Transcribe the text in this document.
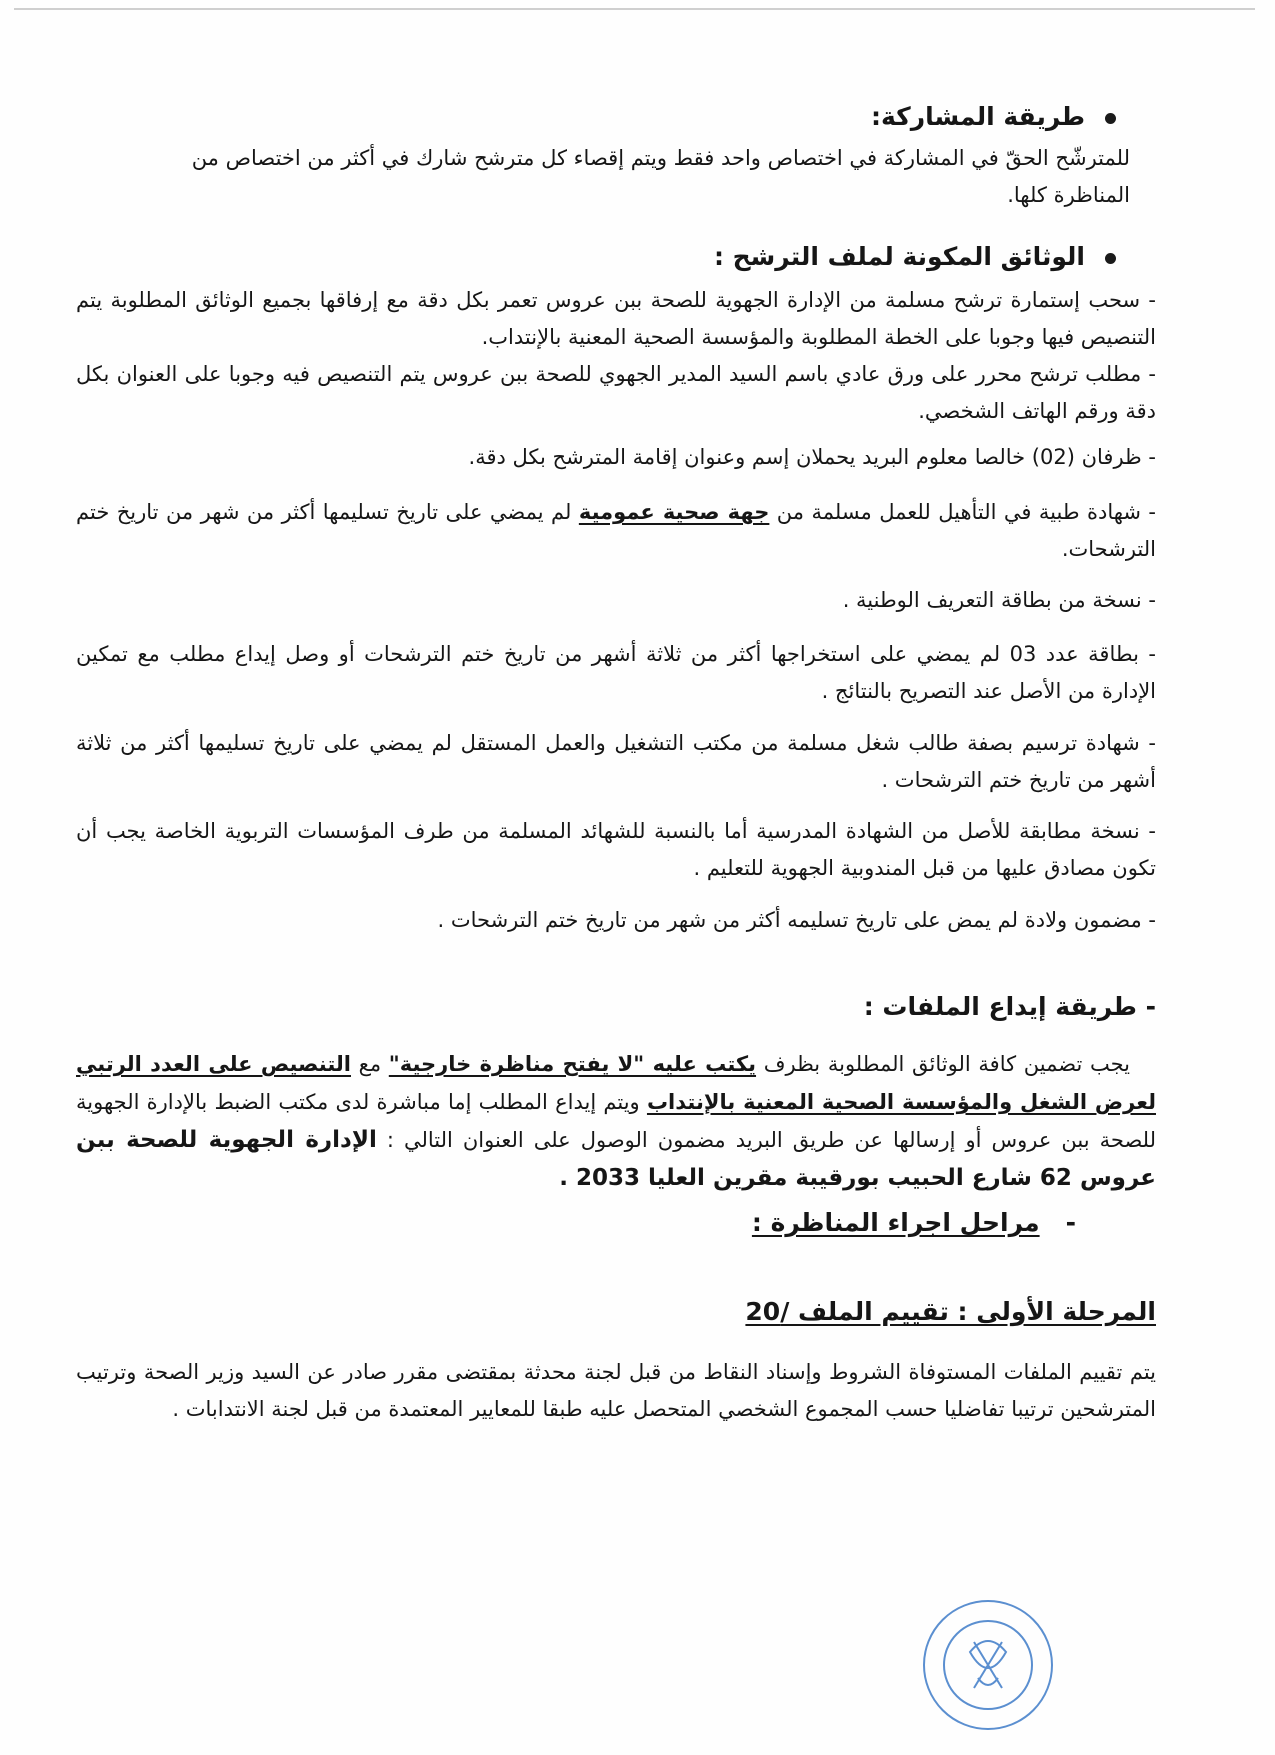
طريقة المشاركة:

للمترشّح الحقّ في المشاركة في اختصاص واحد فقط ويتم إقصاء كل مترشح شارك في أكثر من اختصاص من

المناظرة كلها.

الوثائق المكونة لملف الترشح :

- سحب إستمارة ترشح مسلمة من الإدارة الجهوية للصحة ببن عروس تعمر بكل دقة مع إرفاقها بجميع الوثائق المطلوبة يتم التنصيص فيها وجوبا على الخطة المطلوبة والمؤسسة الصحية المعنية بالإنتداب.
- مطلب ترشح محرر على ورق عادي باسم السيد المدير الجهوي للصحة ببن عروس يتم التنصيص فيه وجوبا على العنوان بكل دقة ورقم الهاتف الشخصي.
- ظرفان (02) خالصا معلوم البريد يحملان إسم وعنوان إقامة المترشح بكل دقة.
- شهادة طبية في التأهيل للعمل مسلمة من جهة صحية عمومية لم يمضي على تاريخ تسليمها أكثر من شهر من تاريخ ختم الترشحات.
- نسخة من بطاقة التعريف الوطنية .
- بطاقة عدد 03 لم يمضي على استخراجها أكثر من ثلاثة أشهر من تاريخ ختم الترشحات أو وصل إيداع مطلب مع تمكين الإدارة من الأصل عند التصريح بالنتائج .
- شهادة ترسيم بصفة طالب شغل مسلمة من مكتب التشغيل والعمل المستقل لم يمضي على تاريخ تسليمها أكثر من ثلاثة أشهر من تاريخ ختم الترشحات .
- نسخة مطابقة للأصل من الشهادة المدرسية أما بالنسبة للشهائد المسلمة من طرف المؤسسات التربوية الخاصة يجب أن تكون مصادق عليها من قبل المندوبية الجهوية للتعليم .
- مضمون ولادة لم يمض على تاريخ تسليمه أكثر من شهر من تاريخ ختم الترشحات .

- طريقة إيداع الملفات :

يجب تضمين كافة الوثائق المطلوبة بظرف يكتب عليه "لا يفتح مناظرة خارجية" مع التنصيص على العدد الرتبي لعرض الشغل والمؤسسة الصحية المعنية بالإنتداب ويتم إيداع المطلب إما مباشرة لدى مكتب الضبط بالإدارة الجهوية للصحة ببن عروس أو إرسالها عن طريق البريد مضمون الوصول على العنوان التالي : الإدارة الجهوية للصحة ببن عروس 62 شارع الحبيب بورقيبة مقرين العليا 2033 .

-مراحل اجراء المناظرة :

المرحلة الأولى : تقييم الملف /20

يتم تقييم الملفات المستوفاة الشروط وإسناد النقاط من قبل لجنة محدثة بمقتضى مقرر صادر عن السيد وزير الصحة وترتيب المترشحين ترتيبا تفاضليا حسب المجموع الشخصي المتحصل عليه طبقا للمعايير المعتمدة من قبل لجنة الانتدابات .
